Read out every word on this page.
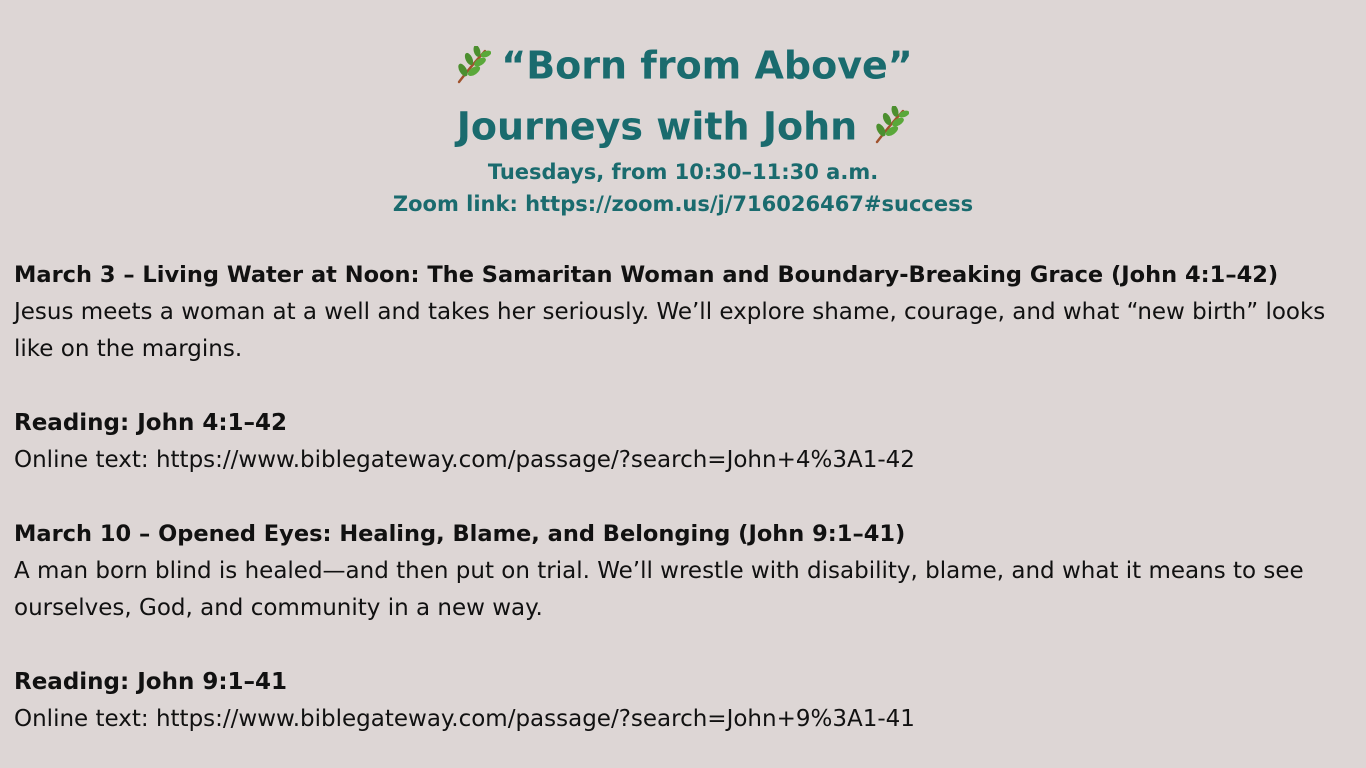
“Born from Above”
Journeys with John
Tuesdays, from 10:30–11:30 a.m.
Zoom link: https://zoom.us/j/716026467#success

March 3 – Living Water at Noon: The Samaritan Woman and Boundary-Breaking Grace (John 4:1–42)

Jesus meets a woman at a well and takes her seriously. We’ll explore shame, courage, and what “new birth” looks like on the margins.

Reading: John 4:1–42

Online text: https://www.biblegateway.com/passage/?search=John+4%3A1-42

March 10 – Opened Eyes: Healing, Blame, and Belonging (John 9:1–41)

A man born blind is healed—and then put on trial. We’ll wrestle with disability, blame, and what it means to see ourselves, God, and community in a new way.

Reading: John 9:1–41

Online text: https://www.biblegateway.com/passage/?search=John+9%3A1-41
